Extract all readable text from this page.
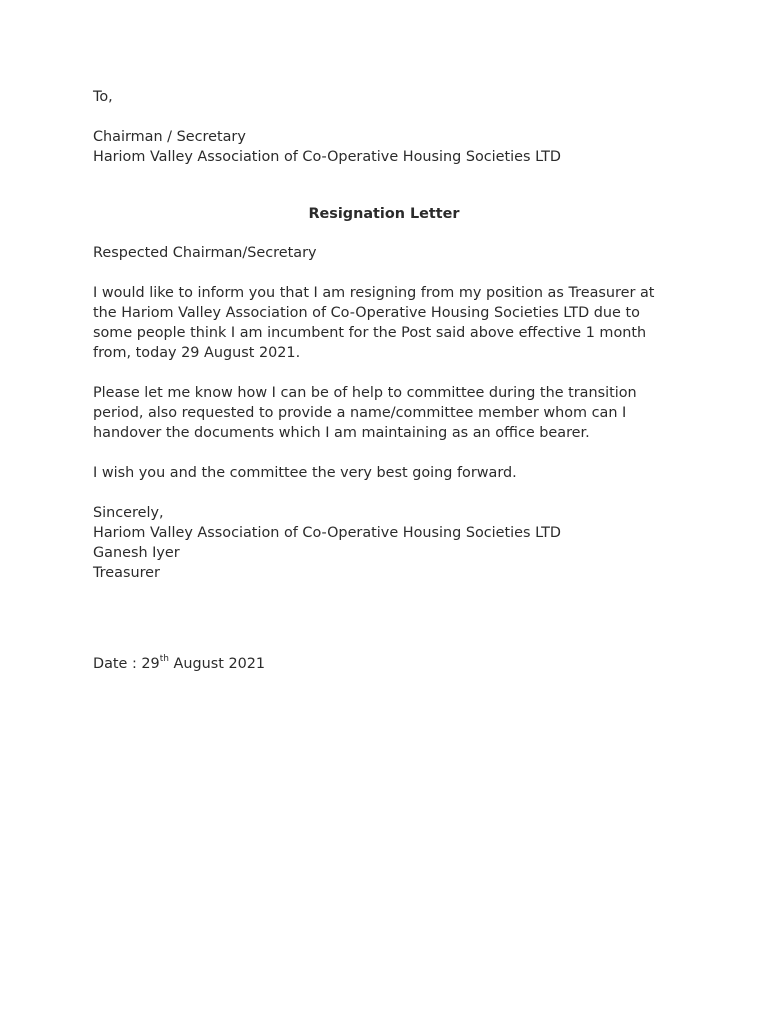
To,
Chairman / Secretary
Hariom Valley Association of Co-Operative Housing Societies LTD
Resignation Letter
Respected Chairman/Secretary
I would like to inform you that I am resigning from my position as Treasurer at
the Hariom Valley Association of Co-Operative Housing Societies LTD due to
some people think I am incumbent for the Post said above effective 1 month
from, today 29 August 2021.
Please let me know how I can be of help to committee during the transition
period, also requested to provide a name/committee member whom can I
handover the documents which I am maintaining as an office bearer.
I wish you and the committee the very best going forward.
Sincerely,
Hariom Valley Association of Co-Operative Housing Societies LTD
Ganesh Iyer
Treasurer
Date : 29th August 2021
